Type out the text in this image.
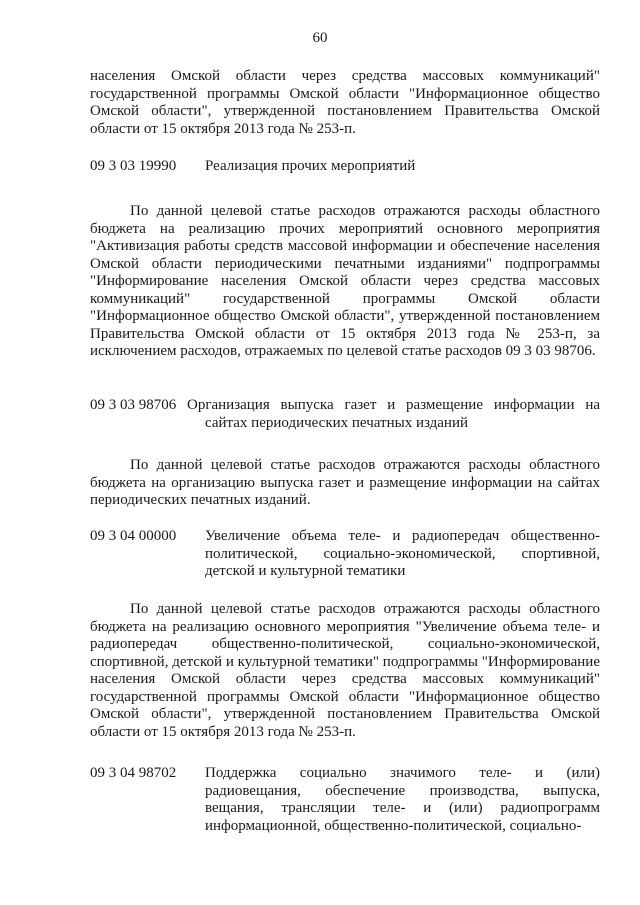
60

населения Омской области через средства массовых коммуникаций" государственной программы Омской области "Информационное общество Омской области", утвержденной постановлением Правительства Омской области от 15 октября 2013 года № 253-п.

09 3 03 19990 Реализация прочих мероприятий

По данной целевой статье расходов отражаются расходы областного бюджета на реализацию прочих мероприятий основного мероприятия "Активизация работы средств массовой информации и обеспечение населения Омской области периодическими печатными изданиями" подпрограммы "Информирование населения Омской области через средства массовых коммуникаций" государственной программы Омской области "Информационное общество Омской области", утвержденной постановлением Правительства Омской области от 15 октября 2013 года № 253-п, за исключением расходов, отражаемых по целевой статье расходов 09 3 03 98706.

09 3 03 98706 Организация выпуска газет и размещение информации на сайтах периодических печатных изданий

По данной целевой статье расходов отражаются расходы областного бюджета на организацию выпуска газет и размещение информации на сайтах периодических печатных изданий.

09 3 04 00000 Увеличение объема теле- и радиопередач общественно-политической, социально-экономической, спортивной, детской и культурной тематики

По данной целевой статье расходов отражаются расходы областного бюджета на реализацию основного мероприятия "Увеличение объема теле- и радиопередач общественно-политической, социально-экономической, спортивной, детской и культурной тематики" подпрограммы "Информирование населения Омской области через средства массовых коммуникаций" государственной программы Омской области "Информационное общество Омской области", утвержденной постановлением Правительства Омской области от 15 октября 2013 года № 253-п.

09 3 04 98702 Поддержка социально значимого теле- и (или) радиовещания, обеспечение производства, выпуска, вещания, трансляции теле- и (или) радиопрограмм информационной, общественно-политической, социально-
